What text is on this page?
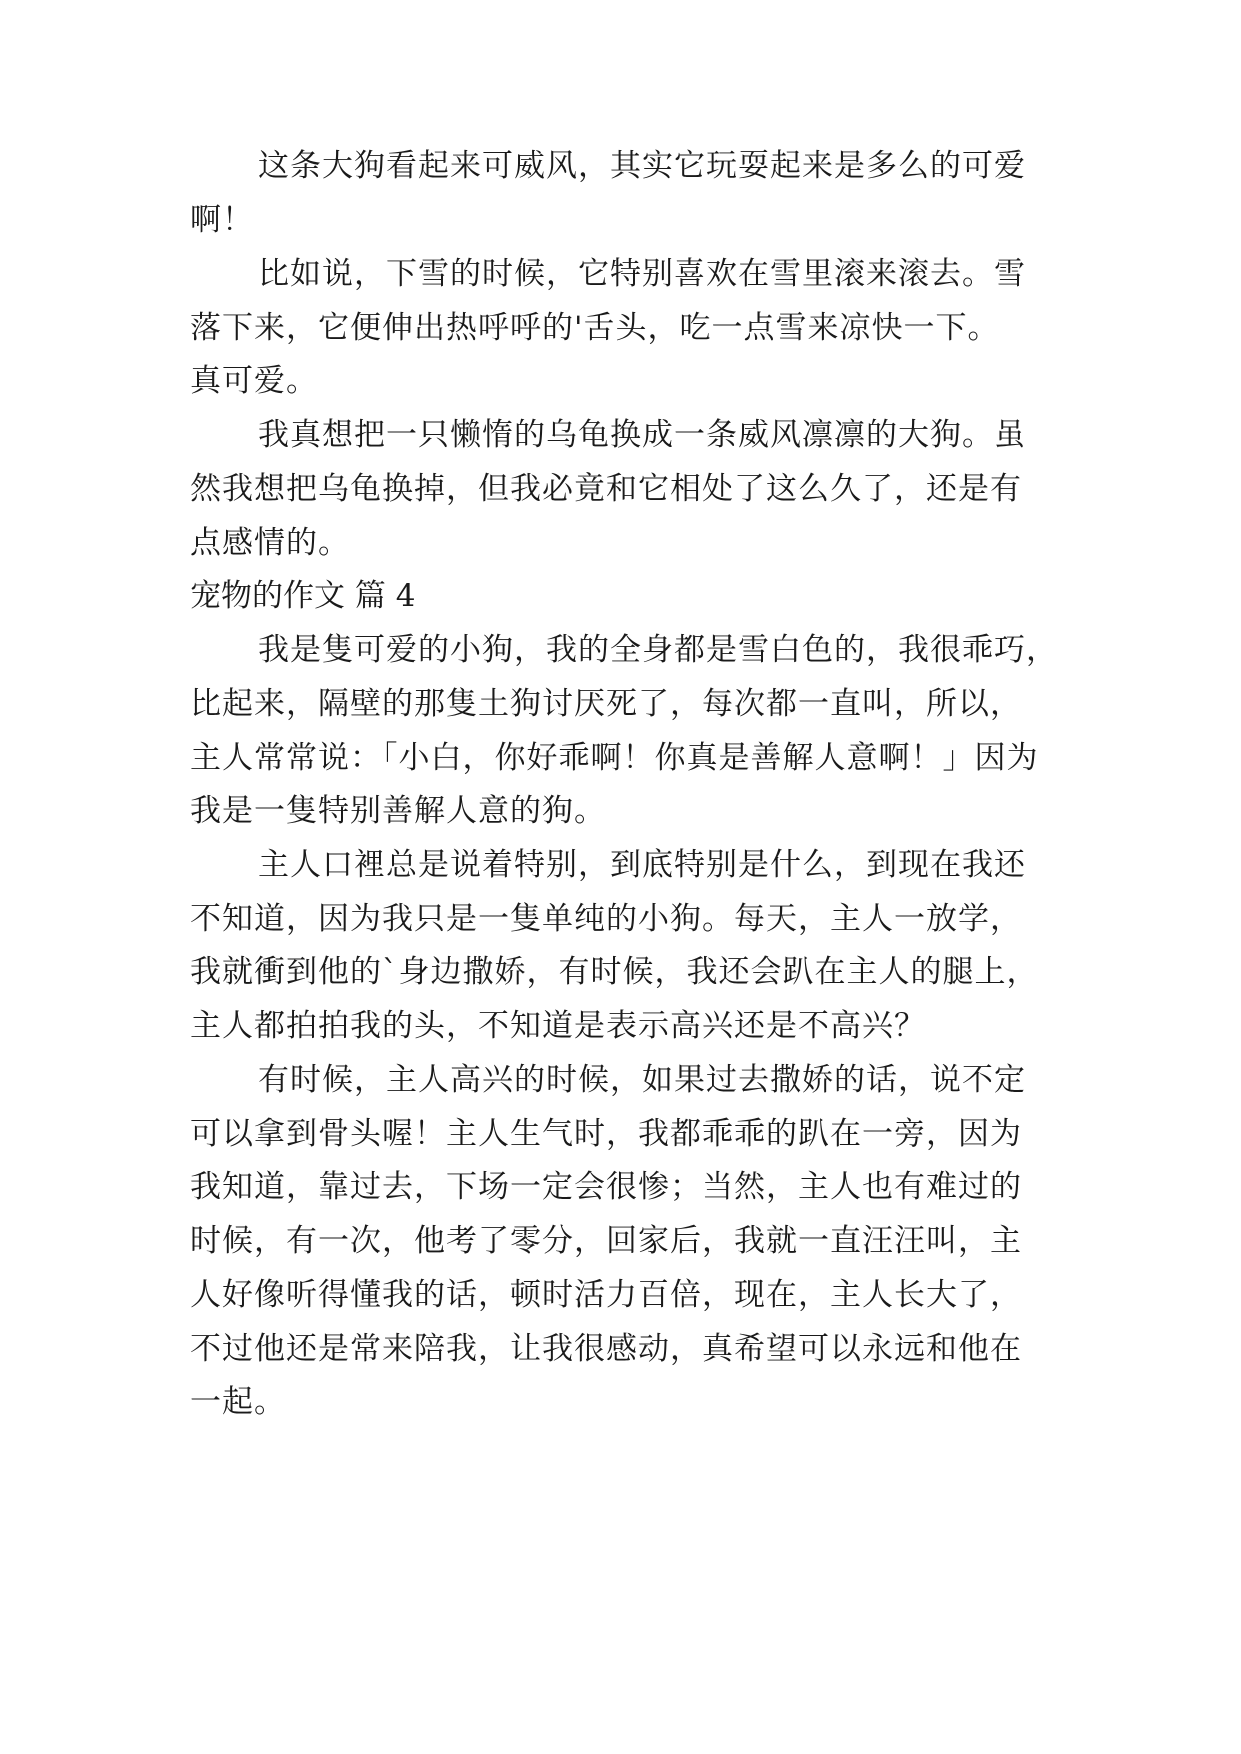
这条大狗看起来可威风，其实它玩耍起来是多么的可爱
啊！
比如说，下雪的时候，它特别喜欢在雪里滚来滚去。雪
落下来，它便伸出热呼呼的'舌头，吃一点雪来凉快一下。
真可爱。
我真想把一只懒惰的乌龟换成一条威风凛凛的大狗。虽
然我想把乌龟换掉，但我必竟和它相处了这么久了，还是有
点感情的。
宠物的作文 篇 4
我是隻可爱的小狗，我的全身都是雪白色的，我很乖巧，
比起来，隔壁的那隻土狗讨厌死了，每次都一直叫，所以，
主人常常说：「小白，你好乖啊！你真是善解人意啊！」因为
我是一隻特别善解人意的狗。
主人口裡总是说着特别，到底特别是什么，到现在我还
不知道，因为我只是一隻单纯的小狗。每天，主人一放学，
我就衝到他的`身边撒娇，有时候，我还会趴在主人的腿上，
主人都拍拍我的头，不知道是表示高兴还是不高兴？
有时候，主人高兴的时候，如果过去撒娇的话，说不定
可以拿到骨头喔！主人生气时，我都乖乖的趴在一旁，因为
我知道，靠过去，下场一定会很惨；当然，主人也有难过的
时候，有一次，他考了零分，回家后，我就一直汪汪叫，主
人好像听得懂我的话，顿时活力百倍，现在，主人长大了，
不过他还是常来陪我，让我很感动，真希望可以永远和他在
一起。
